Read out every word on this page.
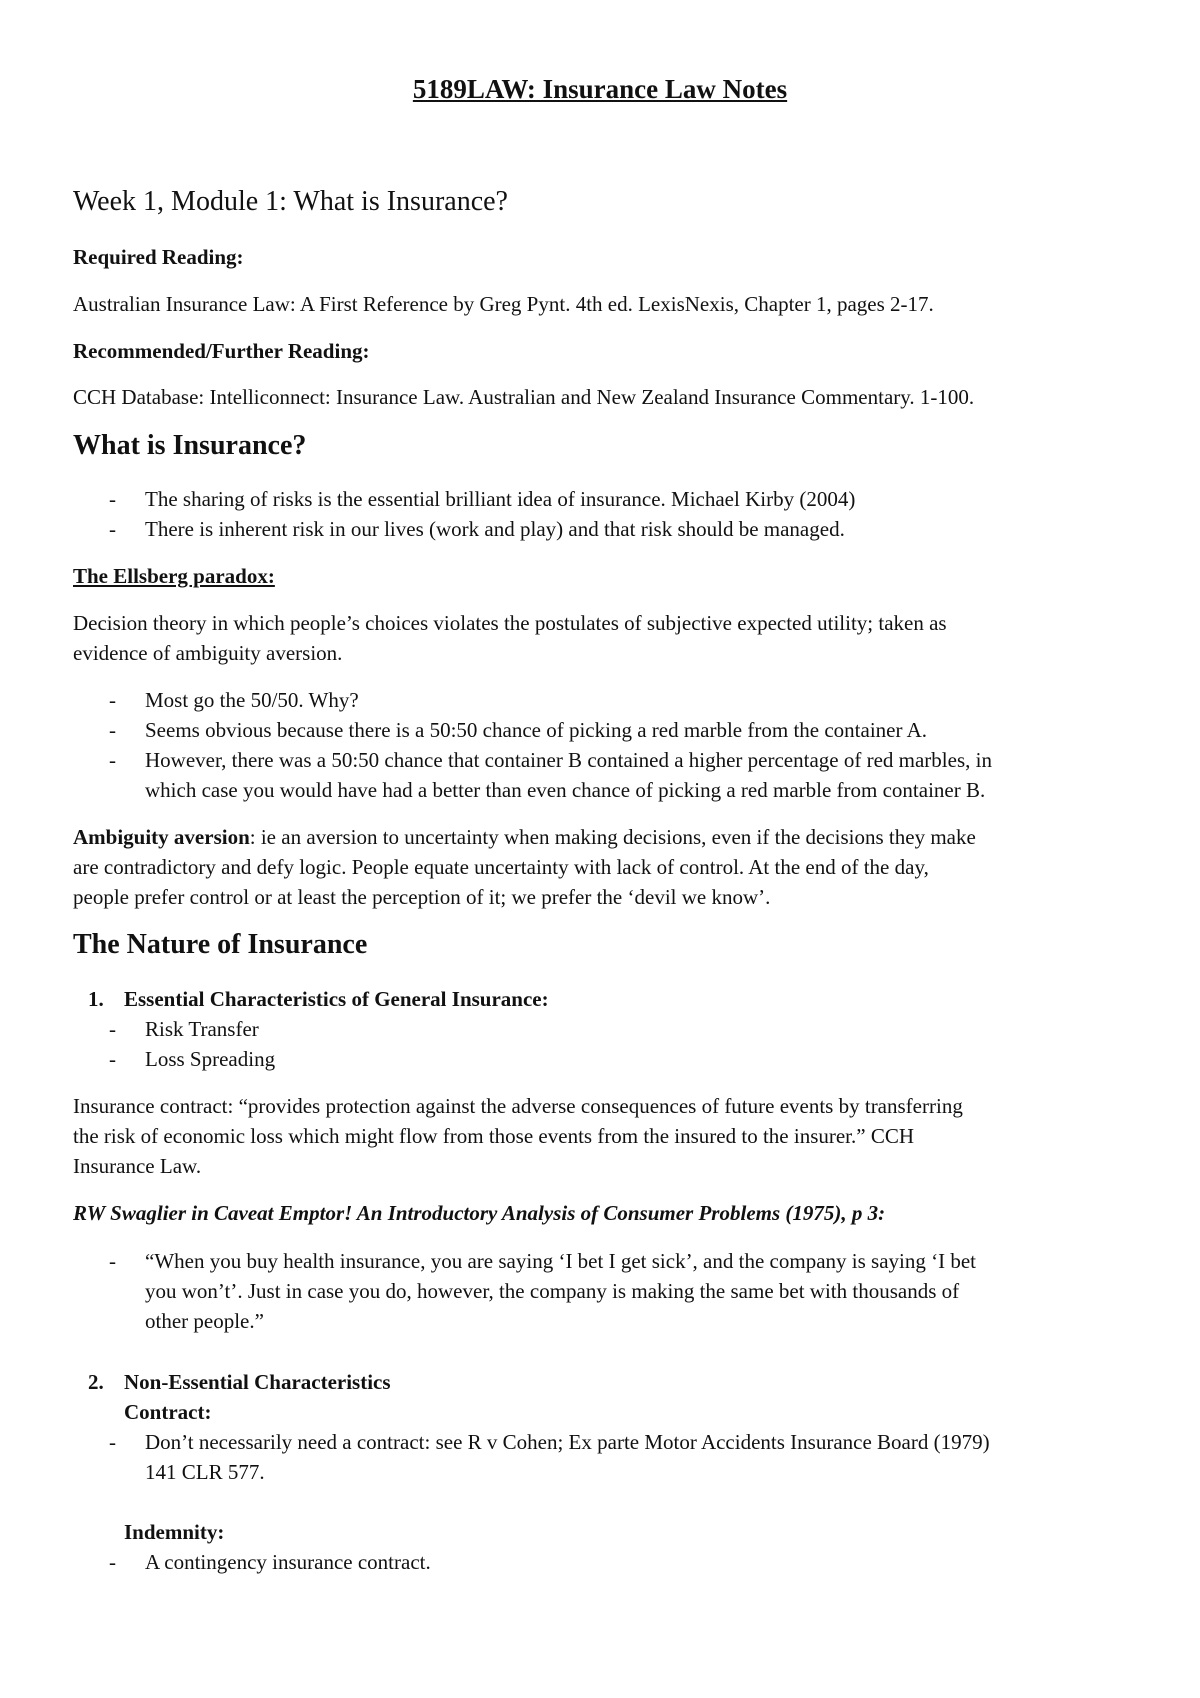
5189LAW: Insurance Law Notes
Week 1, Module 1: What is Insurance?
Required Reading:
Australian Insurance Law: A First Reference by Greg Pynt. 4th ed. LexisNexis, Chapter 1, pages 2-17.
Recommended/Further Reading:
CCH Database: Intelliconnect: Insurance Law. Australian and New Zealand Insurance Commentary. 1-100.
What is Insurance?
-	The sharing of risks is the essential brilliant idea of insurance. Michael Kirby (2004)
-	There is inherent risk in our lives (work and play) and that risk should be managed.
The Ellsberg paradox:
Decision theory in which people’s choices violates the postulates of subjective expected utility; taken as
evidence of ambiguity aversion.
-	Most go the 50/50. Why?
-	Seems obvious because there is a 50:50 chance of picking a red marble from the container A.
-	However, there was a 50:50 chance that container B contained a higher percentage of red marbles, in
which case you would have had a better than even chance of picking a red marble from container B.
Ambiguity aversion: ie an aversion to uncertainty when making decisions, even if the decisions they make
are contradictory and defy logic. People equate uncertainty with lack of control. At the end of the day,
people prefer control or at least the perception of it; we prefer the ‘devil we know’.
The Nature of Insurance
1. Essential Characteristics of General Insurance:
-	Risk Transfer
-	Loss Spreading
Insurance contract: “provides protection against the adverse consequences of future events by transferring
the risk of economic loss which might flow from those events from the insured to the insurer.” CCH
Insurance Law.
RW Swaglier in Caveat Emptor! An Introductory Analysis of Consumer Problems (1975), p 3:
-	“When you buy health insurance, you are saying ‘I bet I get sick’, and the company is saying ‘I bet
you won’t’. Just in case you do, however, the company is making the same bet with thousands of
other people.”
2. Non-Essential Characteristics
Contract:
-	Don’t necessarily need a contract: see R v Cohen; Ex parte Motor Accidents Insurance Board (1979)
141 CLR 577.
Indemnity:
-	A contingency insurance contract.
